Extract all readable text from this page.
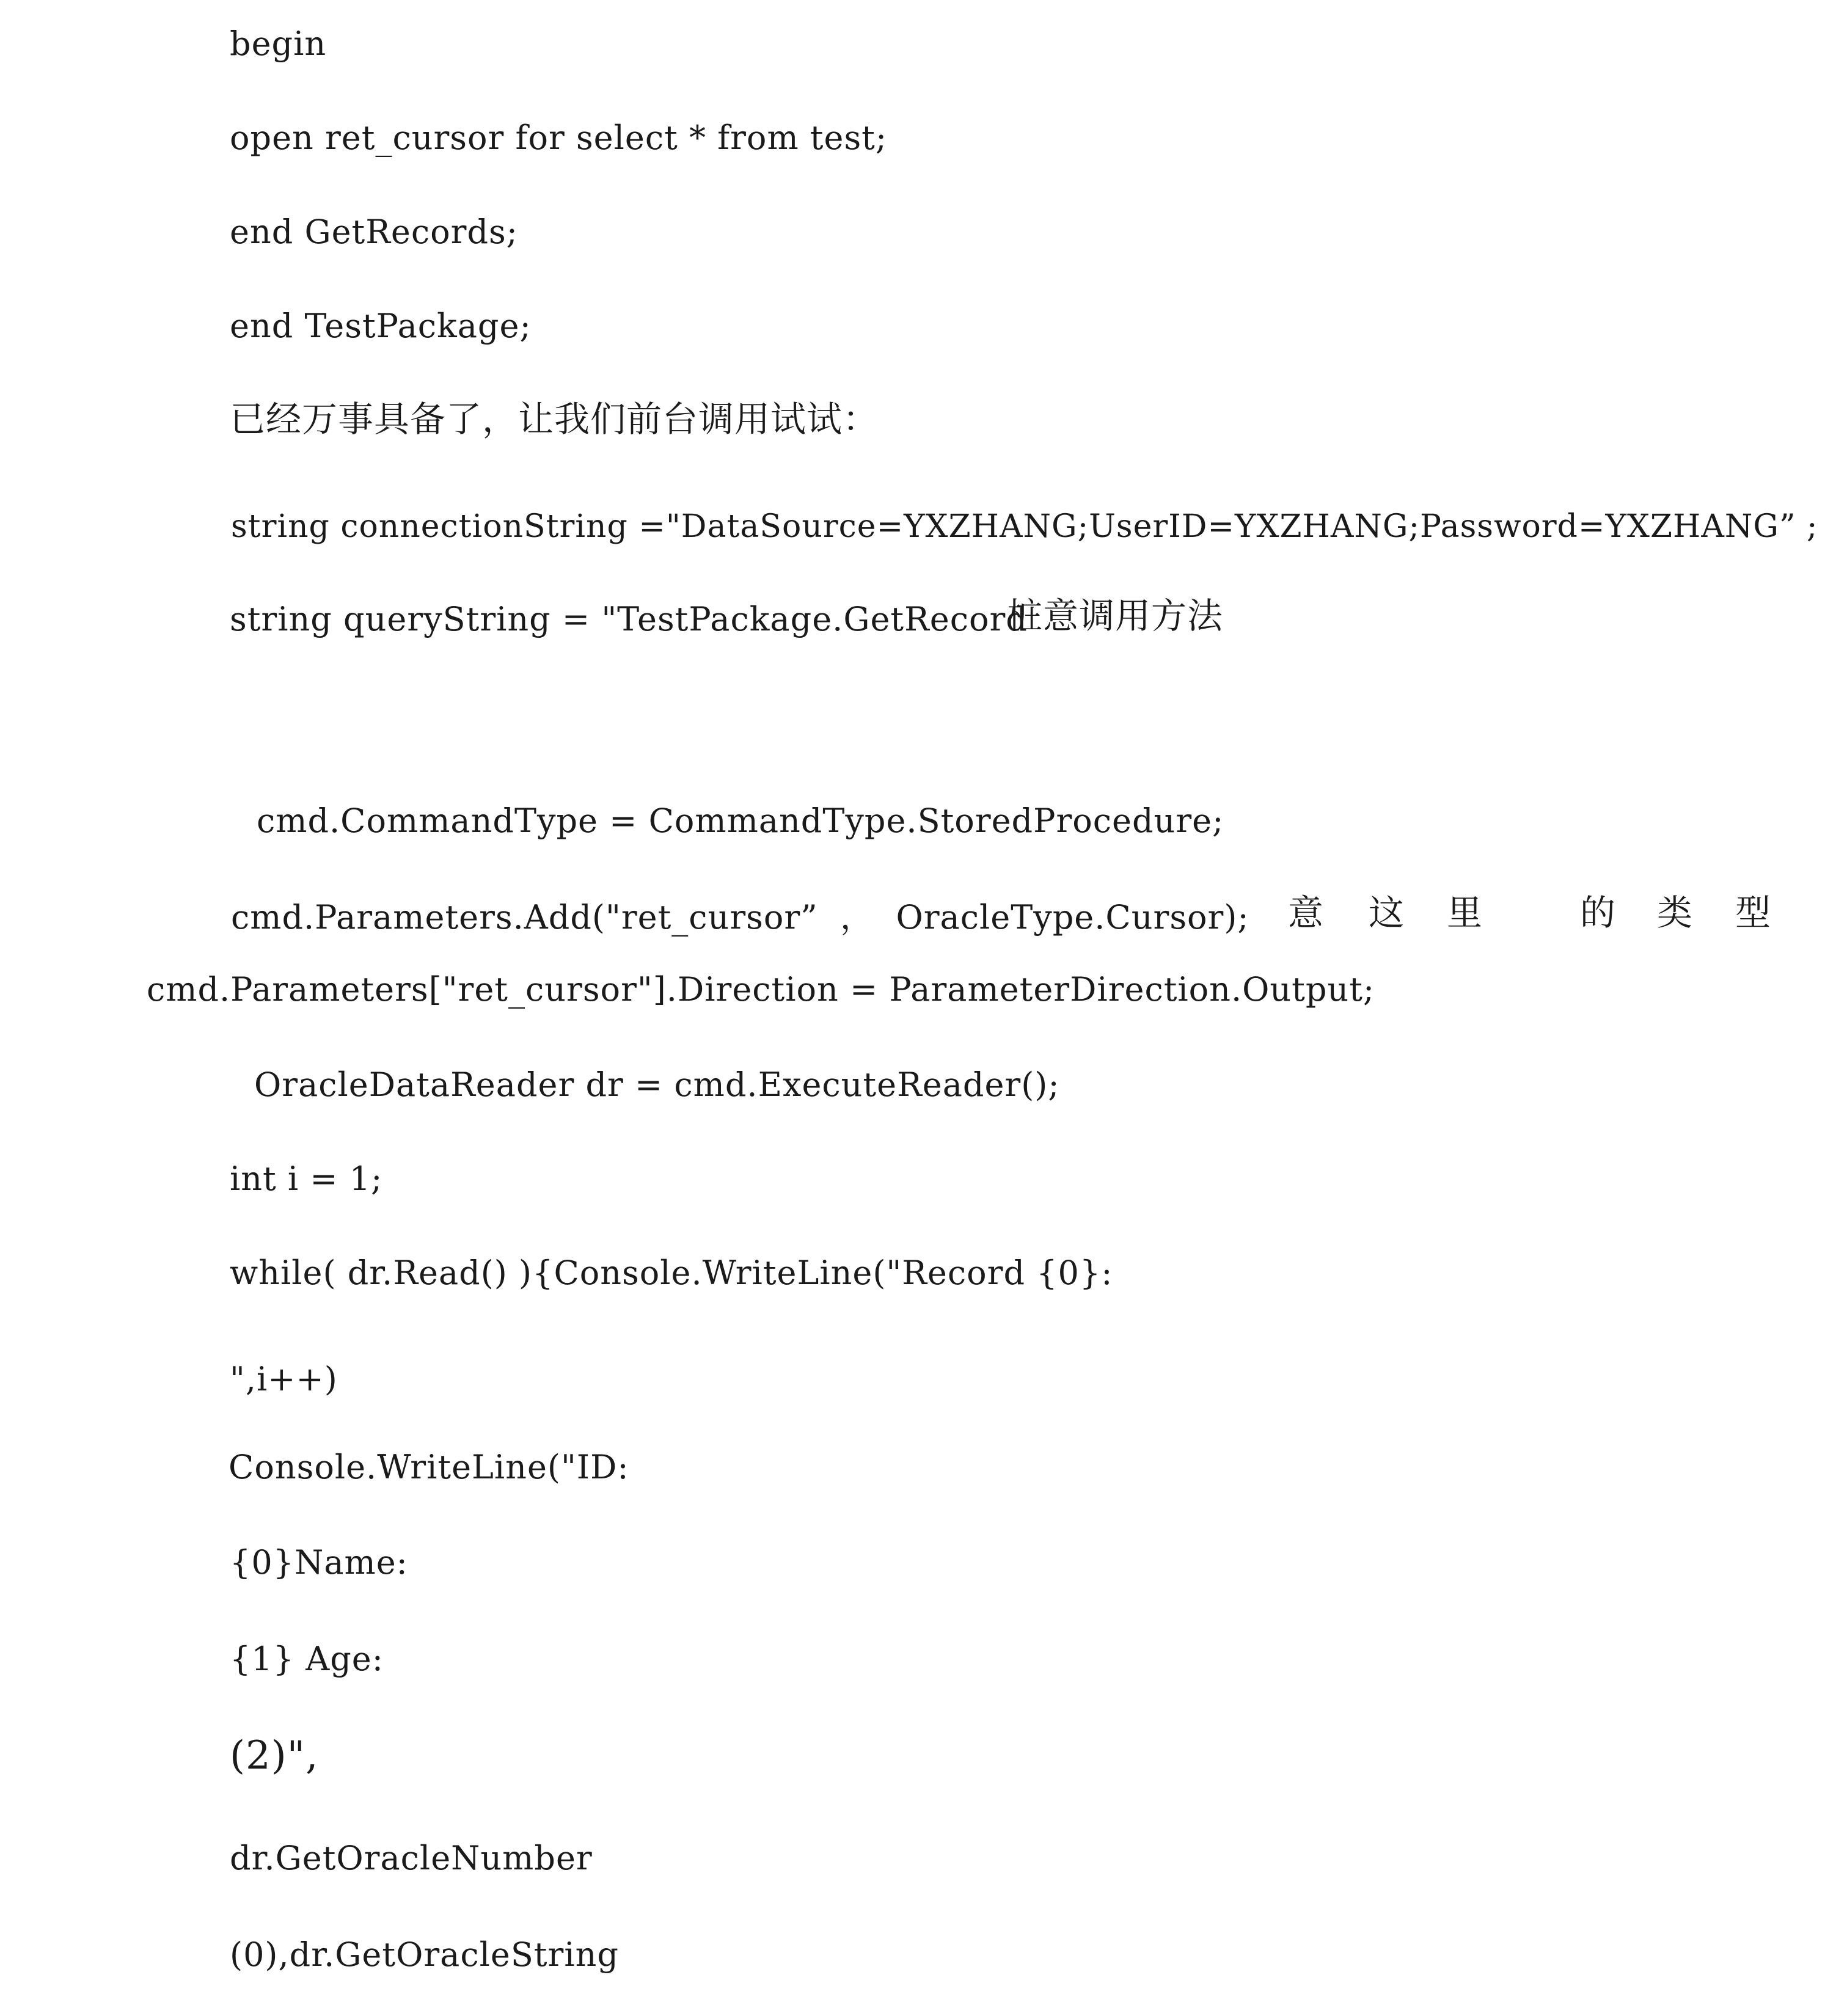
begin

open ret_cursor for select * from test;

end GetRecords;

end TestPackage;

已经万事具备了，让我们前台调用试试：

string connectionString ="DataSource=YXZHANG;UserID=YXZHANG;Password=YXZHANG” ;

string queryString = "TestPackage.GetRecord

桩意调用方法

cmd.CommandType = CommandType.StoredProcedure;

cmd.Parameters.Add("ret_cursor”  ，  OracleType.Cursor); 意 这 里	的 类 型

cmd.Parameters["ret_cursor"].Direction = ParameterDirection.Output;

OracleDataReader dr = cmd.ExecuteReader();

int i = 1;

while( dr.Read() ){Console.WriteLine("Record {0}:

",i++)

Console.WriteLine("ID:

{0}Name:

{1} Age:

(2)",

dr.GetOracleNumber

(0),dr.GetOracleString
